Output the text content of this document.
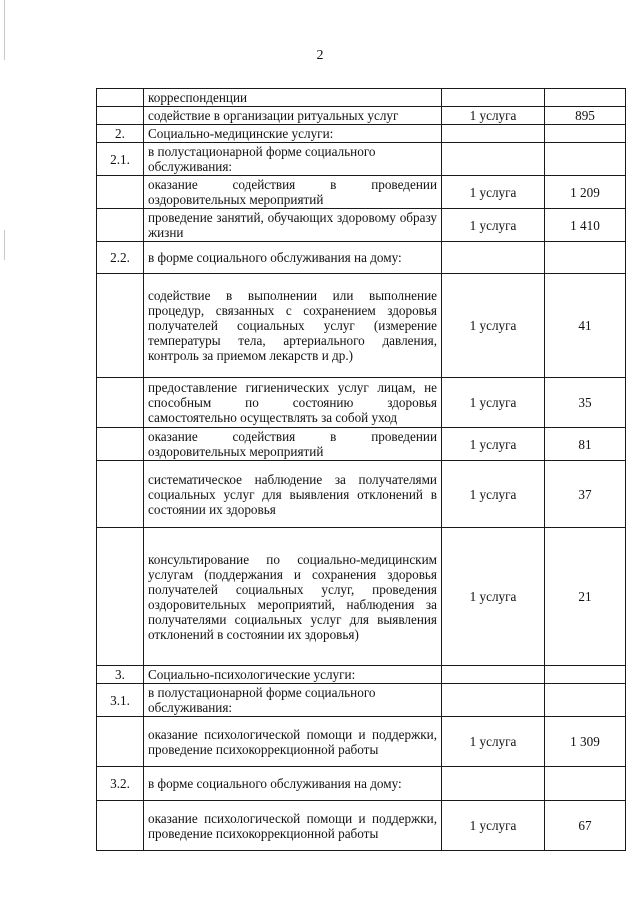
2
	корреспонденции		
	содействие в организации ритуальных услуг	1 услуга	895
2.	Социально-медицинские услуги:		
2.1.	в полустационарной форме социального обслуживания:		
	оказание содействия в проведении оздоровительных мероприятий	1 услуга	1 209
	проведение занятий, обучающих здоровому образу жизни	1 услуга	1 410
2.2.	в форме социального обслуживания на дому:		
	содействие в выполнении или выполнение процедур, связанных с сохранением здоровья получателей социальных услуг (измерение температуры тела, артериального давления, контроль за приемом лекарств и др.)	1 услуга	41
	предоставление гигиенических услуг лицам, не способным по состоянию здоровья самостоятельно осуществлять за собой уход	1 услуга	35
	оказание содействия в проведении оздоровительных мероприятий	1 услуга	81
	систематическое наблюдение за получателями социальных услуг для выявления отклонений в состоянии их здоровья	1 услуга	37
	консультирование по социально-медицинским услугам (поддержания и сохранения здоровья получателей социальных услуг, проведения оздоровительных мероприятий, наблюдения за получателями социальных услуг для выявления отклонений в состоянии их здоровья)	1 услуга	21
3.	Социально-психологические услуги:		
3.1.	в полустационарной форме социального обслуживания:		
	оказание психологической помощи и поддержки, проведение психокоррекционной работы	1 услуга	1 309
3.2.	в форме социального обслуживания на дому:		
	оказание психологической помощи и поддержки, проведение психокоррекционной работы	1 услуга	67
